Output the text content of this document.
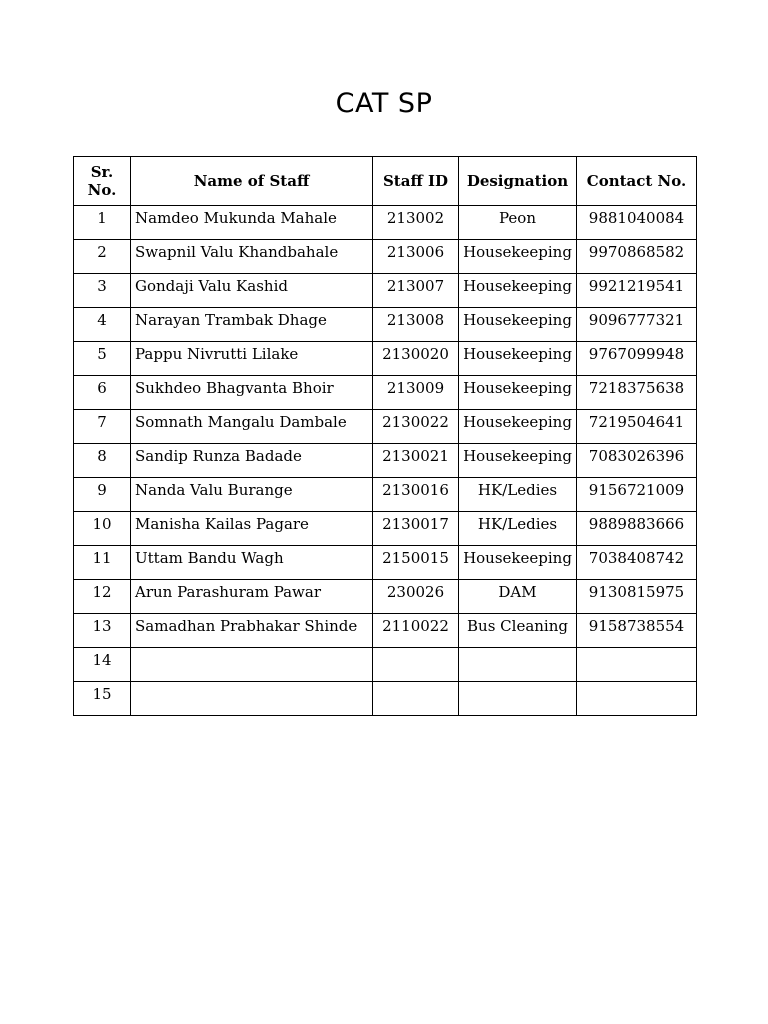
CAT SP
Sr. No.	Name of Staff	Staff ID	Designation	Contact No.
1	Namdeo Mukunda Mahale	213002	Peon	9881040084
2	Swapnil Valu Khandbahale	213006	Housekeeping	9970868582
3	Gondaji Valu Kashid	213007	Housekeeping	9921219541
4	Narayan Trambak Dhage	213008	Housekeeping	9096777321
5	Pappu Nivrutti Lilake	2130020	Housekeeping	9767099948
6	Sukhdeo Bhagvanta Bhoir	213009	Housekeeping	7218375638
7	Somnath Mangalu Dambale	2130022	Housekeeping	7219504641
8	Sandip Runza Badade	2130021	Housekeeping	7083026396
9	Nanda Valu Burange	2130016	HK/Ledies	9156721009
10	Manisha Kailas Pagare	2130017	HK/Ledies	9889883666
11	Uttam Bandu Wagh	2150015	Housekeeping	7038408742
12	Arun Parashuram Pawar	230026	DAM	9130815975
13	Samadhan Prabhakar Shinde	2110022	Bus Cleaning	9158738554
14				
15				
